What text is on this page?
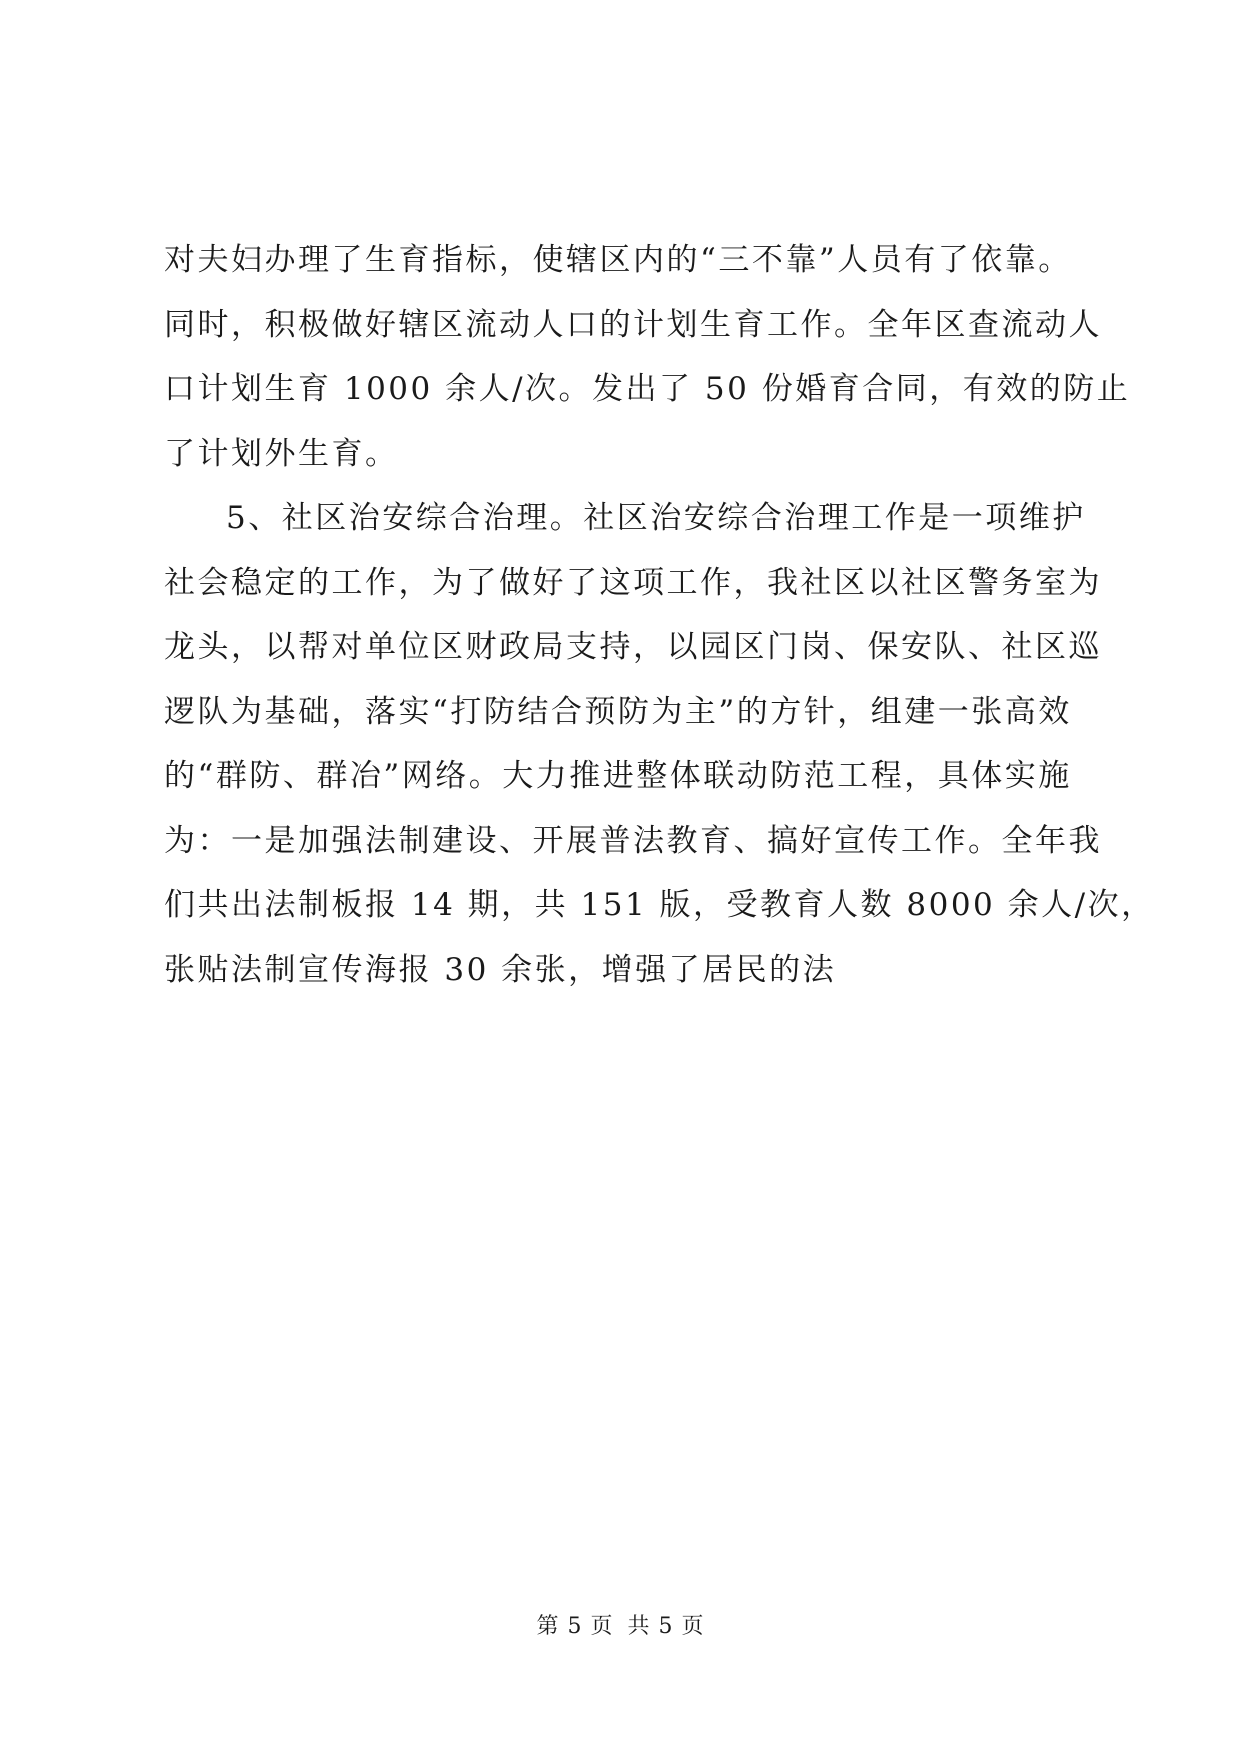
对夫妇办理了生育指标，使辖区内的“三不靠”人员有了依靠。
同时，积极做好辖区流动人口的计划生育工作。全年区查流动人
口计划生育 1000 余人/次。发出了 50 份婚育合同，有效的防止
了计划外生育。
5、社区治安综合治理。社区治安综合治理工作是一项维护
社会稳定的工作，为了做好了这项工作，我社区以社区警务室为
龙头，以帮对单位区财政局支持，以园区门岗、保安队、社区巡
逻队为基础，落实“打防结合预防为主”的方针，组建一张高效
的“群防、群冶”网络。大力推进整体联动防范工程，具体实施
为：一是加强法制建设、开展普法教育、搞好宣传工作。全年我
们共出法制板报 14 期，共 151 版，受教育人数 8000 余人/次，
张贴法制宣传海报 30 余张，增强了居民的法
第 5 页 共 5 页
